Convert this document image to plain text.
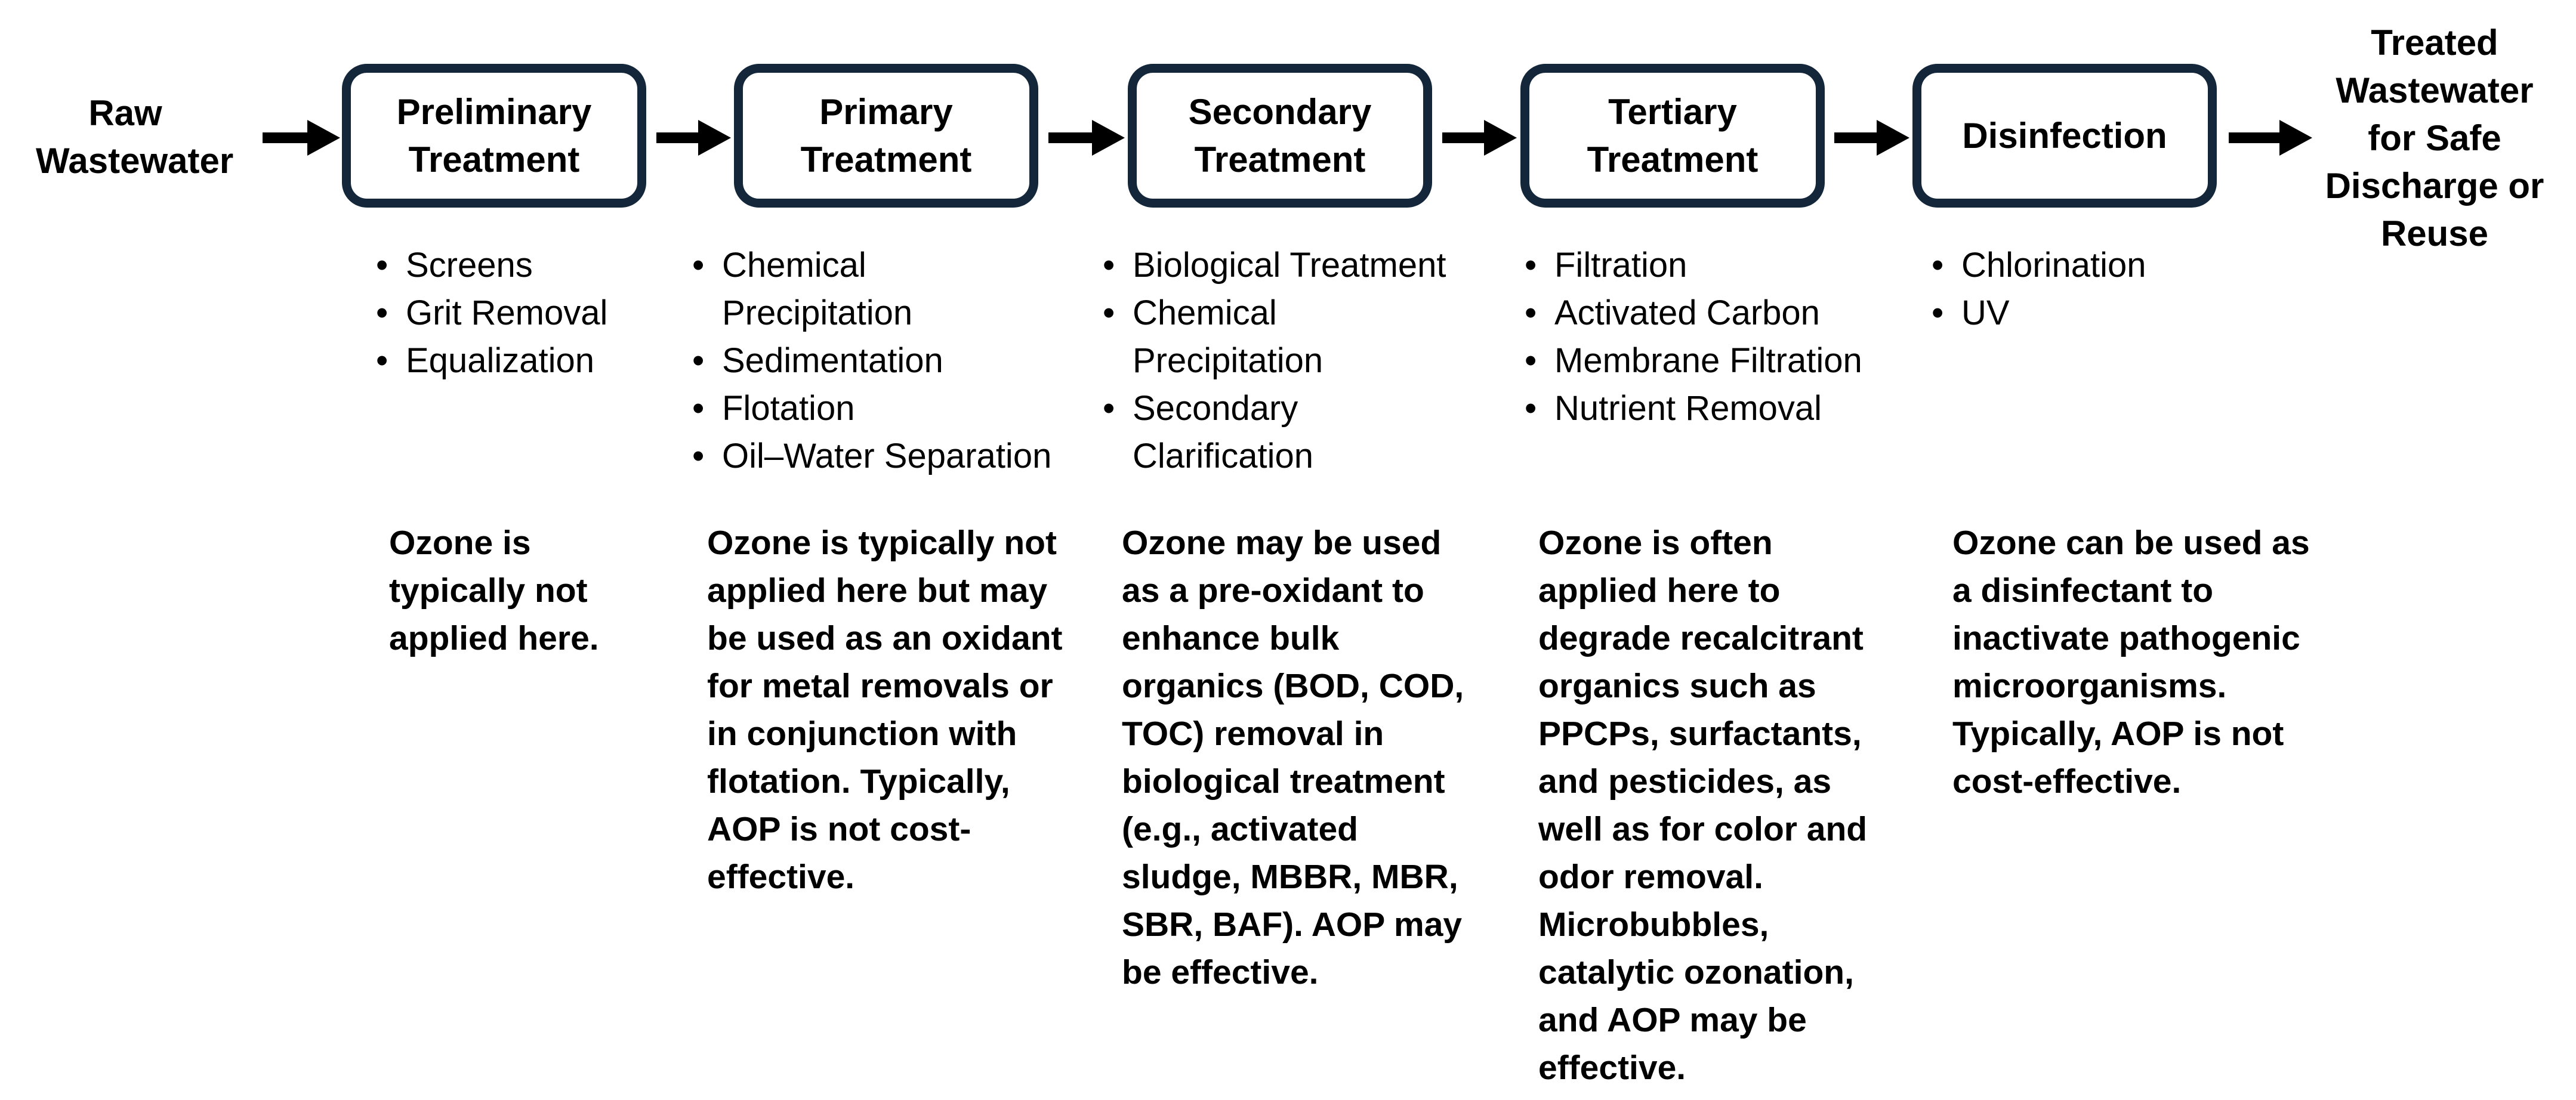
Raw
Wastewater
Treated
Wastewater
for Safe
Discharge or
Reuse
Preliminary
Treatment
• Screens
• Grit Removal
• Equalization
Ozone is typically not applied here.
Primary
Treatment
• Chemical
Precipitation
• Sedimentation
• Flotation
• Oil–Water Separation
Ozone is typically not applied here but may be used as an oxidant for metal removals or in conjunction with flotation. Typically, AOP is not cost-effective.
Secondary
Treatment
• Biological Treatment
• Chemical
Precipitation
• Secondary
Clarification
Ozone may be used as a pre-oxidant to enhance bulk organics (BOD, COD, TOC) removal in biological treatment (e.g., activated sludge, MBBR, MBR, SBR, BAF). AOP may be effective.
Tertiary
Treatment
• Filtration
• Activated Carbon
• Membrane Filtration
• Nutrient Removal
Ozone is often applied here to degrade recalcitrant organics such as PPCPs, surfactants, and pesticides, as well as for color and odor removal. Microbubbles, catalytic ozonation, and AOP may be effective.
Disinfection
• Chlorination
• UV
Ozone can be used as a disinfectant to inactivate pathogenic microorganisms. Typically, AOP is not cost-effective.
